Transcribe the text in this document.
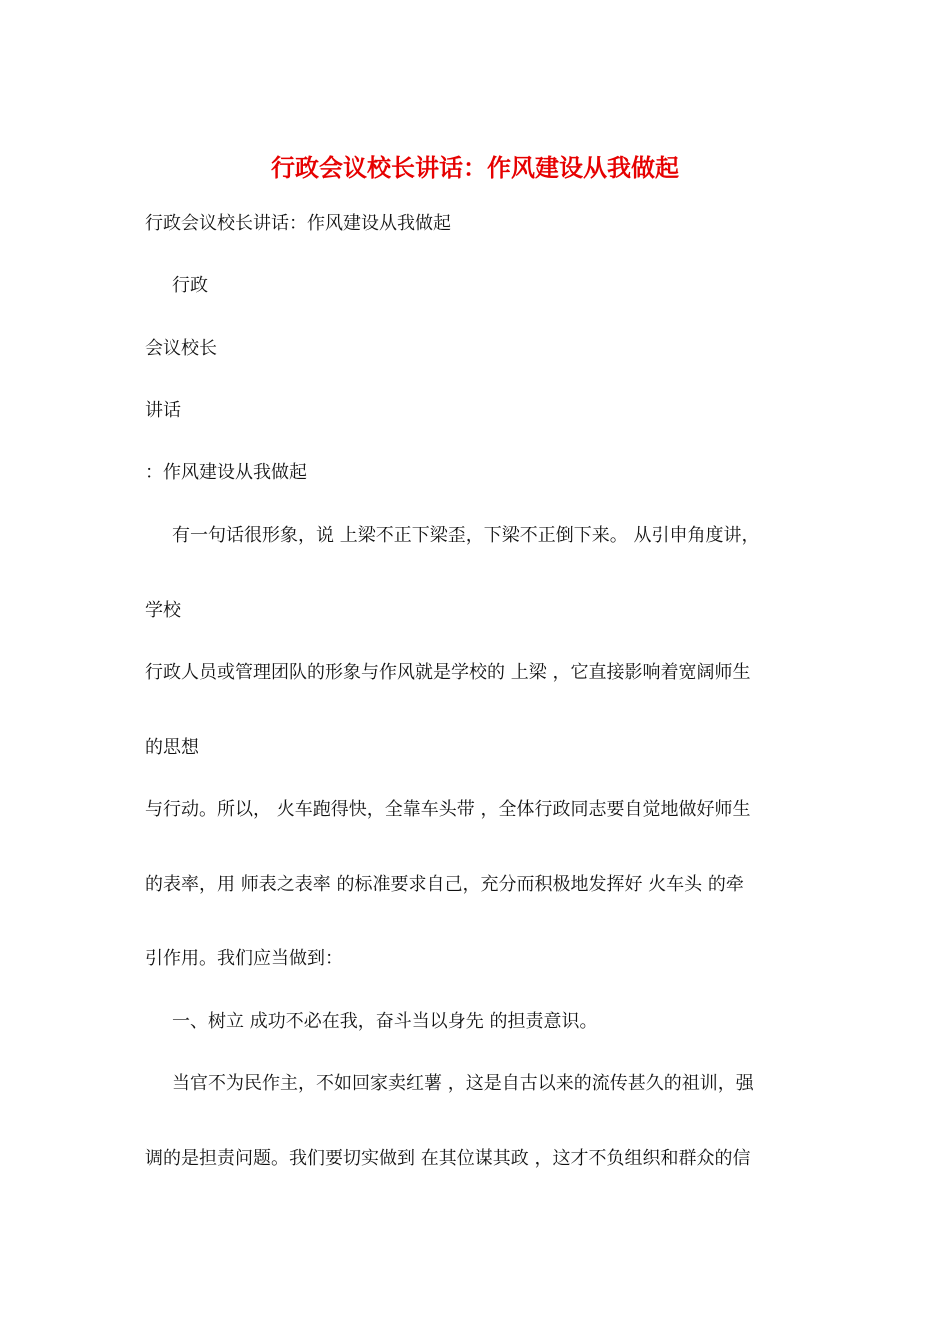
行政会议校长讲话：作风建设从我做起
行政会议校长讲话：作风建设从我做起
行政
会议校长
讲话
：作风建设从我做起
有一句话很形象，说 上梁不正下梁歪，下梁不正倒下来。 从引申角度讲，
学校
行政人员或管理团队的形象与作风就是学校的 上梁 ，它直接影响着宽阔师生
的思想
与行动。所以， 火车跑得快，全靠车头带 ，全体行政同志要自觉地做好师生
的表率，用 师表之表率 的标准要求自己，充分而积极地发挥好 火车头 的牵
引作用。我们应当做到：
一、树立 成功不必在我，奋斗当以身先 的担责意识。
当官不为民作主，不如回家卖红薯 ，这是自古以来的流传甚久的祖训，强
调的是担责问题。我们要切实做到 在其位谋其政 ，这才不负组织和群众的信
